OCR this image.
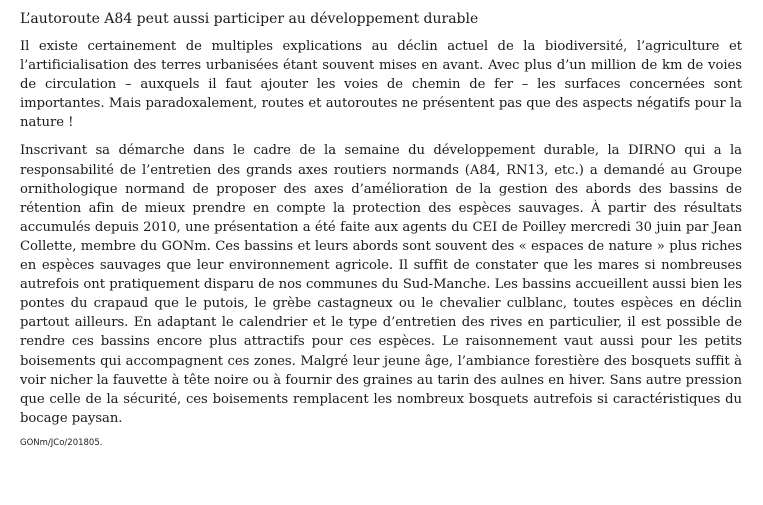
L’autoroute A84 peut aussi participer au développement durable

Il existe certainement de multiples explications au déclin actuel de la biodiversité, l’agriculture et l’artificialisation des terres urbanisées étant souvent mises en avant. Avec plus d’un million de km de voies de circulation – auxquels il faut ajouter les voies de chemin de fer – les surfaces concernées sont importantes. Mais paradoxalement, routes et autoroutes ne présentent pas que des aspects négatifs pour la nature !

Inscrivant sa démarche dans le cadre de la semaine du développement durable, la DIRNO qui a la responsabilité de l’entretien des grands axes routiers normands (A84, RN13, etc.) a demandé au Groupe ornithologique normand de proposer des axes d’amélioration de la gestion des abords des bassins de rétention afin de mieux prendre en compte la protection des espèces sauvages. À partir des résultats accumulés depuis 2010, une présentation a été faite aux agents du CEI de Poilley mercredi 30 juin par Jean Collette, membre du GONm. Ces bassins et leurs abords sont souvent des « espaces de nature » plus riches en espèces sauvages que leur environnement agricole. Il suffit de constater que les mares si nombreuses autrefois ont pratiquement disparu de nos communes du Sud-Manche. Les bassins accueillent aussi bien les pontes du crapaud que le putois, le grèbe castagneux ou le chevalier culblanc, toutes espèces en déclin partout ailleurs. En adaptant le calendrier et le type d’entretien des rives en particulier, il est possible de rendre ces bassins encore plus attractifs pour ces espèces. Le raisonnement vaut aussi pour les petits boisements qui accompagnent ces zones. Malgré leur jeune âge, l’ambiance forestière des bosquets suffit à voir nicher la fauvette à tête noire ou à fournir des graines au tarin des aulnes en hiver. Sans autre pression que celle de la sécurité, ces boisements remplacent les nombreux bosquets autrefois si caractéristiques du bocage paysan.

GONm/JCo/201805.
